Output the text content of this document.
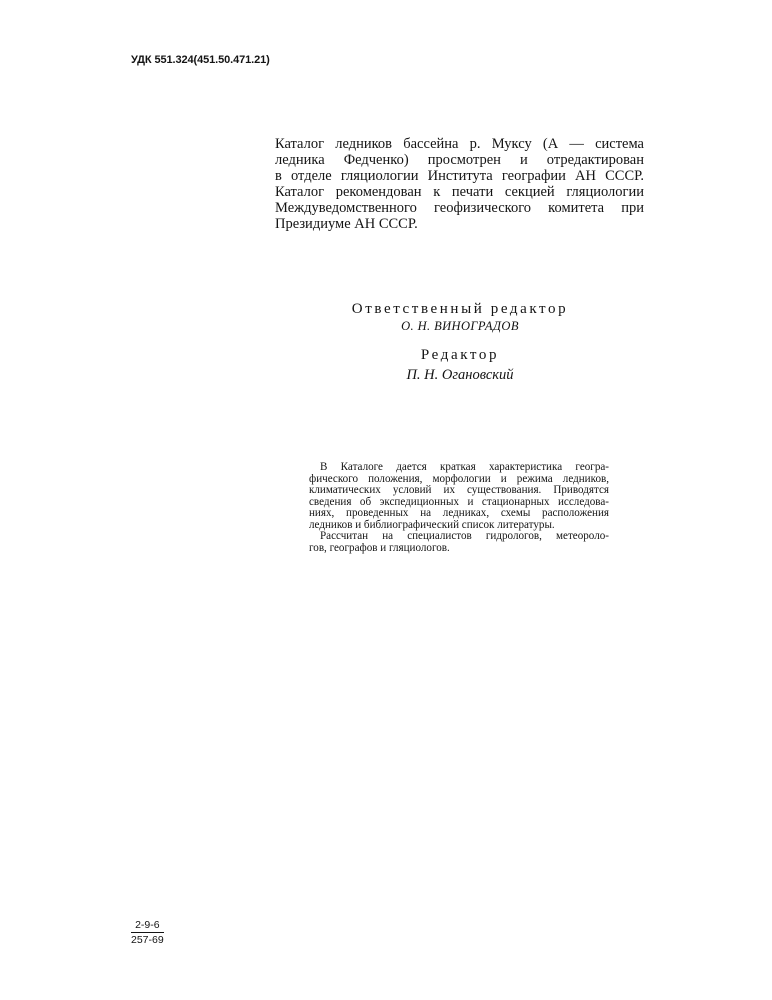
УДК 551.324(451.50.471.21)
Каталог ледников бассейна р. Муксу (А — система
ледника Федченко) просмотрен и отредактирован
в отделе гляциологии Института географии АН СССР.
Каталог рекомендован к печати секцией гляциологии
Междуведомственного геофизического комитета при
Президиуме АН СССР.
Ответственный редактор
О. Н. ВИНОГРАДОВ
Редактор
П. Н. Огановский
В Каталоге дается краткая характеристика геогра-
фического положения, морфологии и режима ледников,
климатических условий их существования. Приводятся
сведения об экспедиционных и стационарных исследова-
ниях, проведенных на ледниках, схемы расположения
ледников и библиографический список литературы.
Рассчитан на специалистов гидрологов, метеороло-
гов, географов и гляциологов.
$\frac{2-9-6}{257-69}$
